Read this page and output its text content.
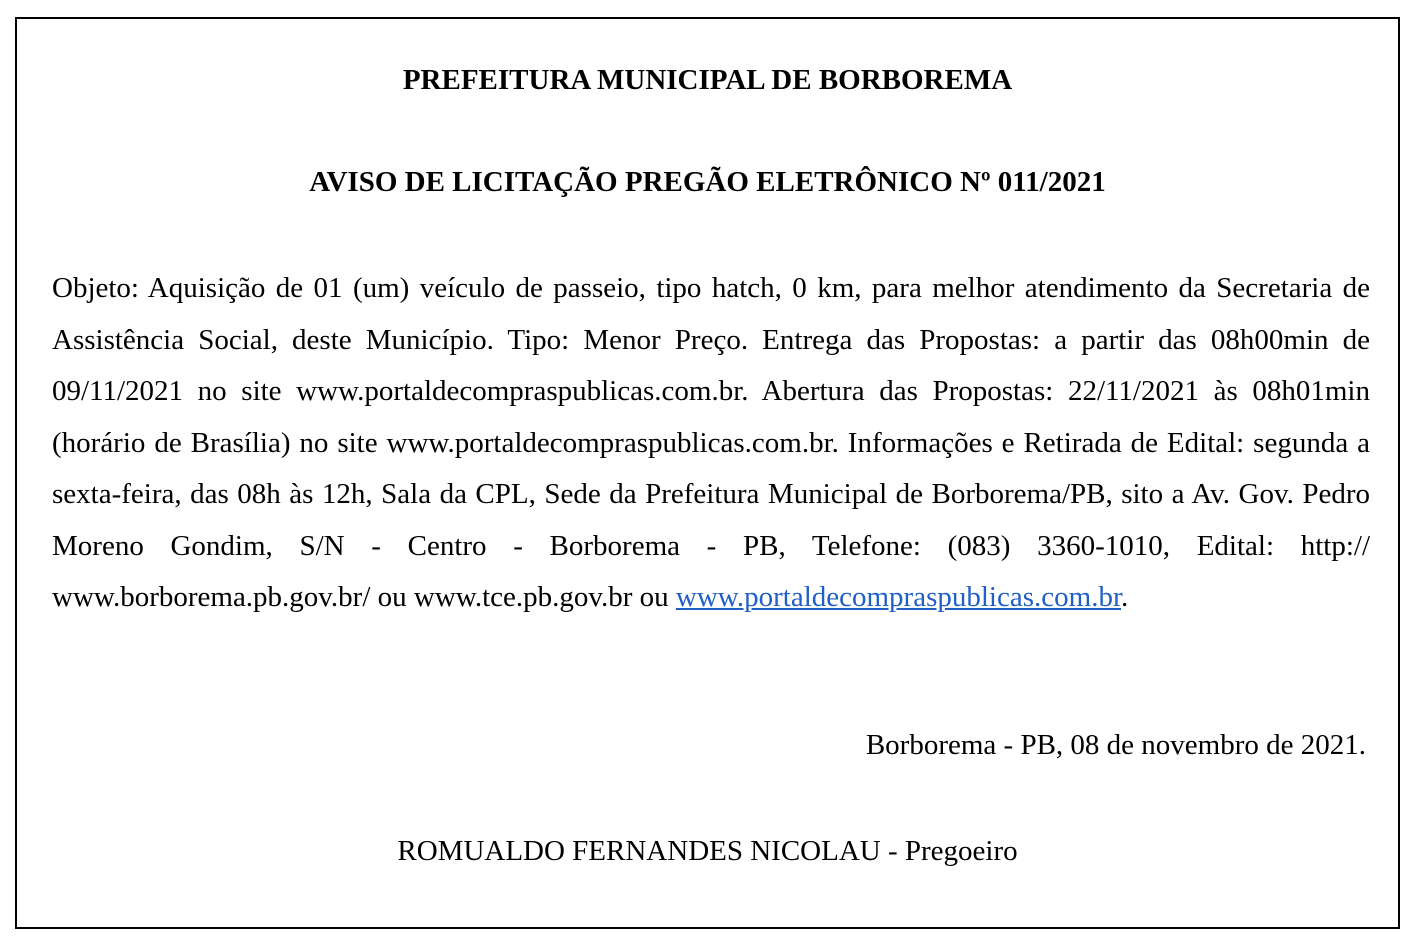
PREFEITURA MUNICIPAL DE BORBOREMA
AVISO DE LICITAÇÃO PREGÃO ELETRÔNICO Nº 011/2021

Objeto: Aquisição de 01 (um) veículo de passeio, tipo hatch, 0 km, para melhor atendimento da Secretaria de Assistência Social, deste Município. Tipo: Menor Preço. Entrega das Propostas: a partir das 08h00min de 09/11/2021 no site www.portaldecompraspublicas.com.br. Abertura das Propostas: 22/11/2021 às 08h01min (horário de Brasília) no site www.portaldecompraspublicas.com.br. Informações e Retirada de Edital: segunda a sexta-feira, das 08h às 12h, Sala da CPL, Sede da Prefeitura Municipal de Borborema/PB, sito a Av. Gov. Pedro Moreno Gondim, S/N - Centro - Borborema - PB, Telefone: (083) 3360-1010, Edital: http:// www.borborema.pb.gov.br/ ou www.tce.pb.gov.br ou www.portaldecompraspublicas.com.br.

Borborema - PB, 08 de novembro de 2021.

ROMUALDO FERNANDES NICOLAU - Pregoeiro
